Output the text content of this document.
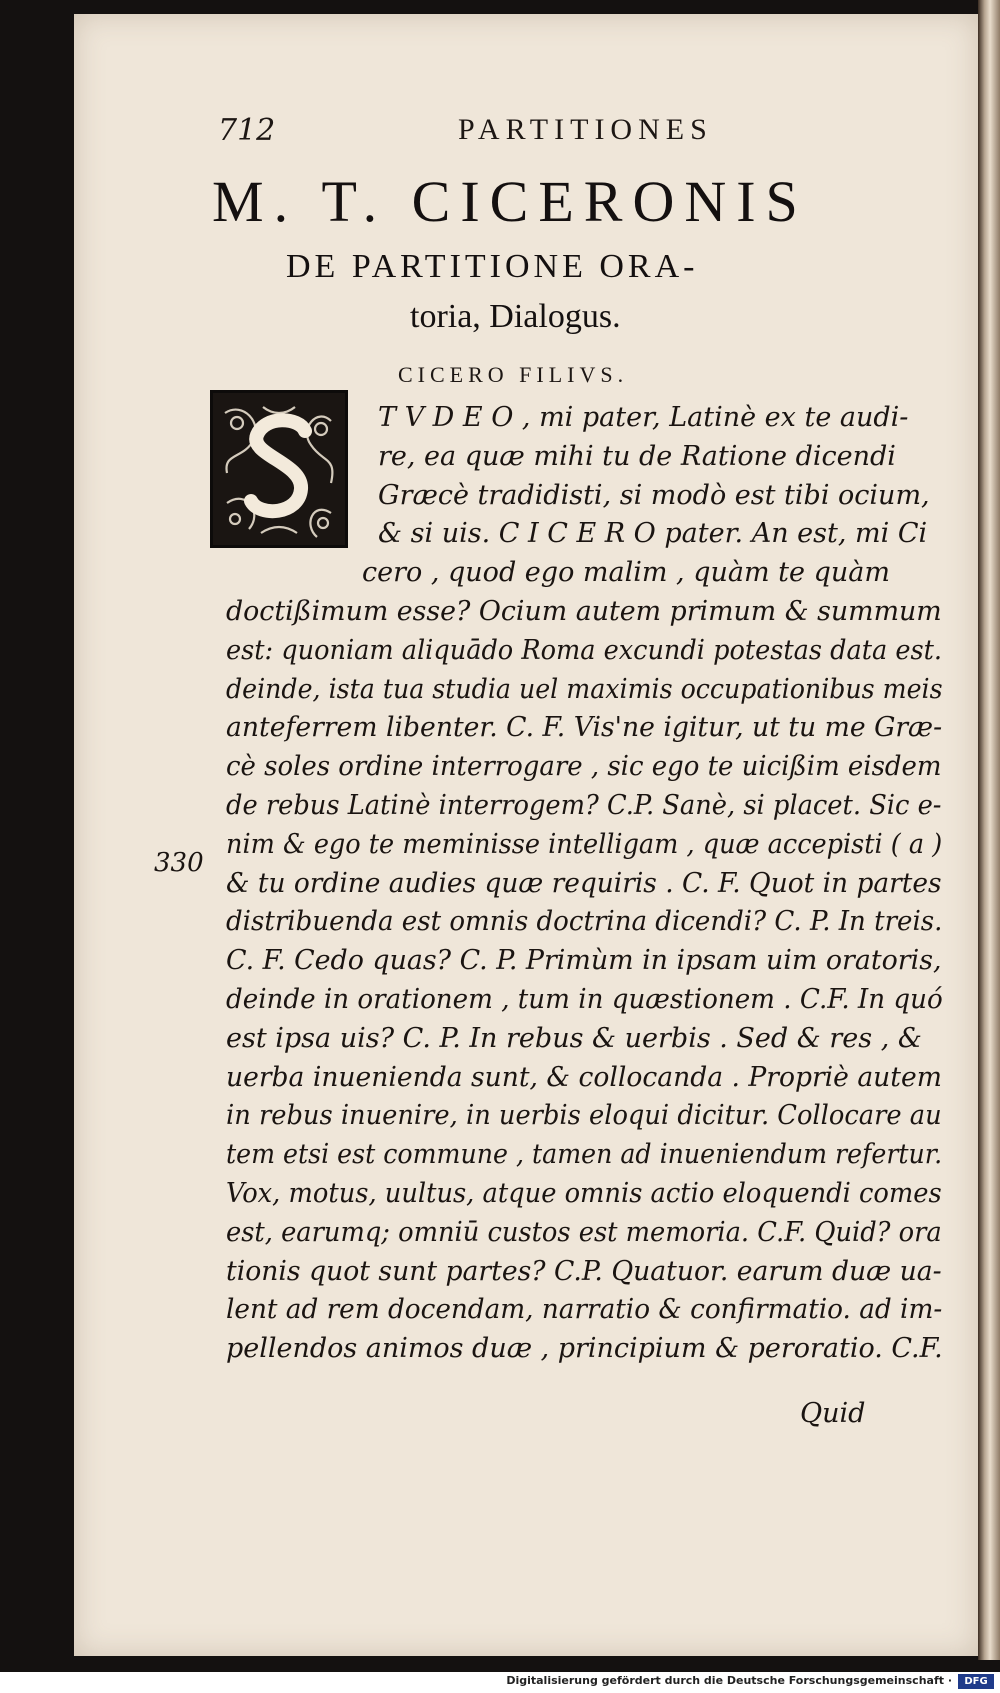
712	PARTITIONES
M. T. CICERONIS
DE PARTITIONE ORA-
toria, Dialogus.
CICERO FILIVS.
T V D E O , mi pater, Latinè ex te audi-
re, ea quæ mihi tu de Ratione dicendi
Græcè tradidisti, si modò est tibi ocium,
& si uis. C I C E R O pater. An est, mi Ci
cero , quod ego malim , quàm te quàm
doctißimum esse? Ocium autem primum & summum
est: quoniam aliquādo Roma excundi potestas data est.
deinde, ista tua studia uel maximis occupationibus meis
anteferrem libenter. C. F. Vis'ne igitur, ut tu me Græ-
cè soles ordine interrogare , sic ego te uicißim eisdem
de rebus Latinè interrogem? C.P. Sanè, si placet. Sic e-
nim & ego te meminisse intelligam , quæ accepisti ( a )
& tu ordine audies quæ requiris . C. F. Quot in partes
distribuenda est omnis doctrina dicendi? C. P. In treis.
C. F. Cedo quas? C. P. Primùm in ipsam uim oratoris,
deinde in orationem , tum in quæstionem . C.F. In quó
est ipsa uis? C. P. In rebus & uerbis . Sed & res , &
uerba inuenienda sunt, & collocanda . Propriè autem
in rebus inuenire, in uerbis eloqui dicitur. Collocare au
tem etsi est commune , tamen ad inueniendum refertur.
Vox, motus, uultus, atque omnis actio eloquendi comes
est, earumq; omniū custos est memoria. C.F. Quid? ora
tionis quot sunt partes? C.P. Quatuor. earum duæ ua-
lent ad rem docendam, narratio & confirmatio. ad im-
pellendos animos duæ , principium & peroratio. C.F.
330
Quid
Digitalisierung gefördert durch die Deutsche Forschungsgemeinschaft ·	DFG
